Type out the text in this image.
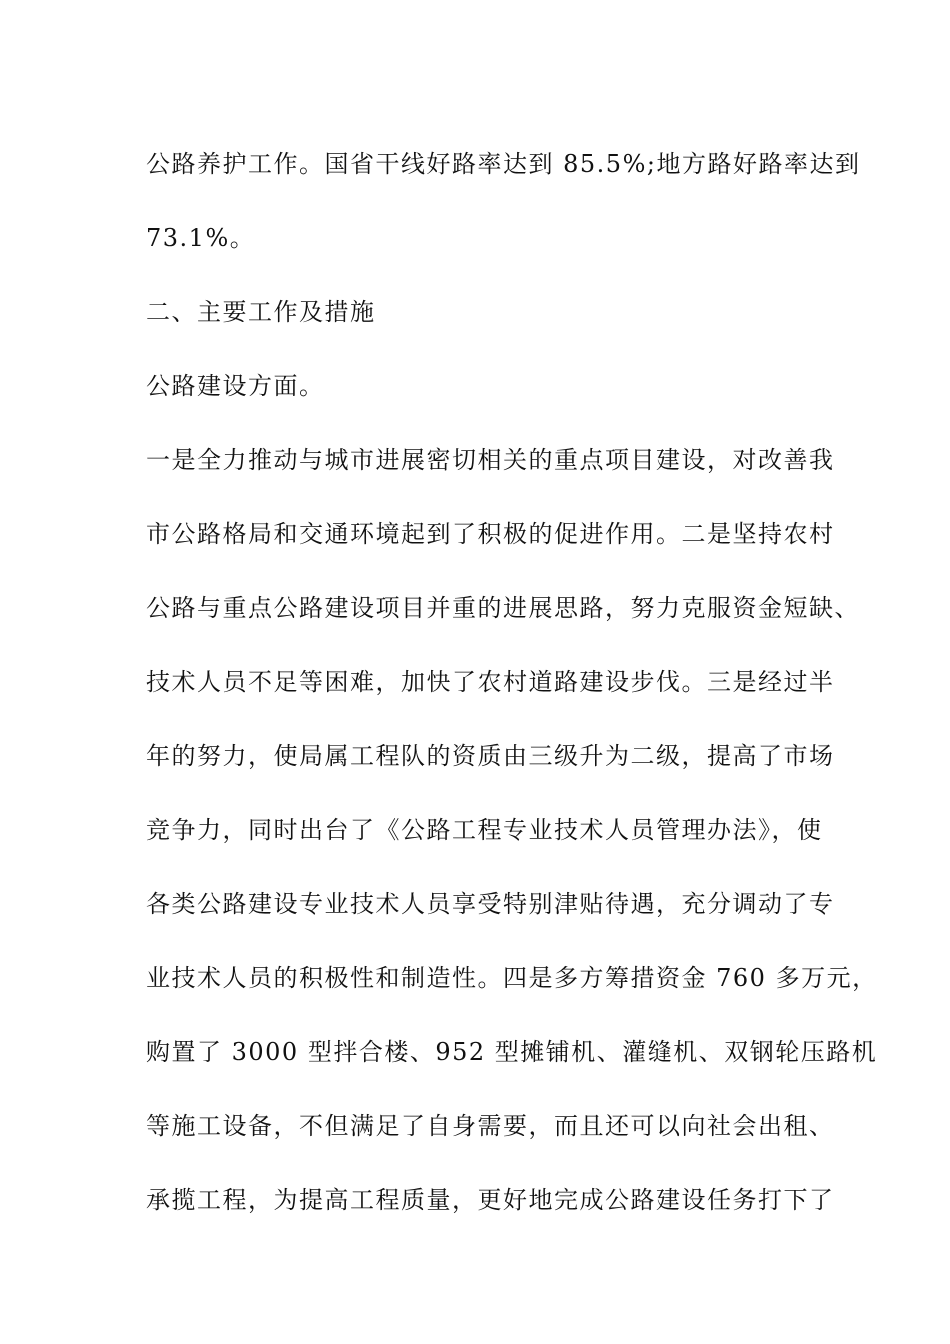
公路养护工作。国省干线好路率达到 85.5%;地方路好路率达到
73.1%。
二、主要工作及措施
公路建设方面。
一是全力推动与城市进展密切相关的重点项目建设，对改善我
市公路格局和交通环境起到了积极的促进作用。二是坚持农村
公路与重点公路建设项目并重的进展思路，努力克服资金短缺、
技术人员不足等困难，加快了农村道路建设步伐。三是经过半
年的努力，使局属工程队的资质由三级升为二级，提高了市场
竞争力，同时出台了《公路工程专业技术人员管理办法》，使
各类公路建设专业技术人员享受特别津贴待遇，充分调动了专
业技术人员的积极性和制造性。四是多方筹措资金 760 多万元，
购置了 3000 型拌合楼、952 型摊铺机、灌缝机、双钢轮压路机
等施工设备，不但满足了自身需要，而且还可以向社会出租、
承揽工程，为提高工程质量，更好地完成公路建设任务打下了
